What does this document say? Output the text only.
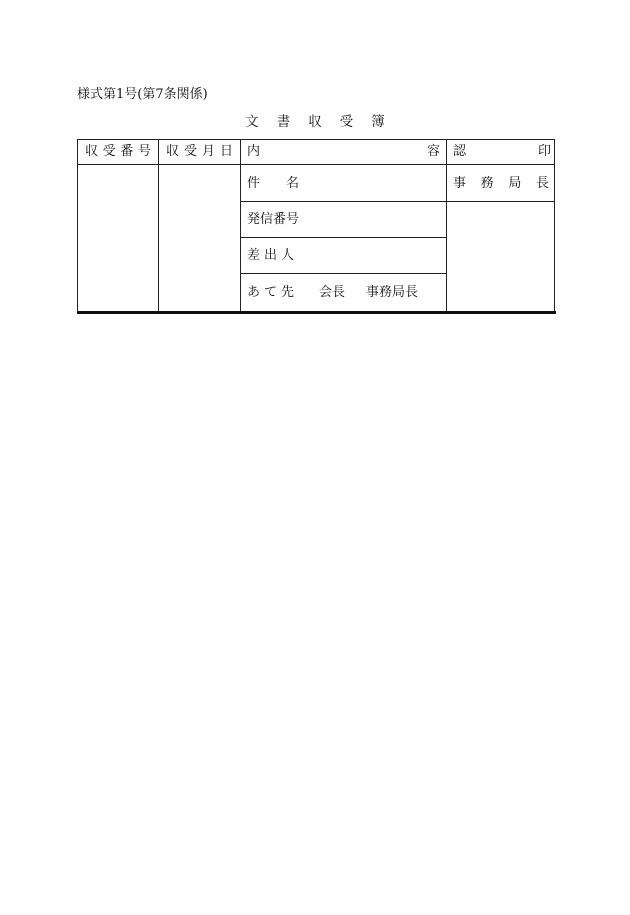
様式第1号(第7条関係)
文書収受簿
収 受 番 号 収 受 月 日 内	容 認	印
件 名
発信番号
差 出 人
あ て 先 会長 事務局長
事 務 局 長
